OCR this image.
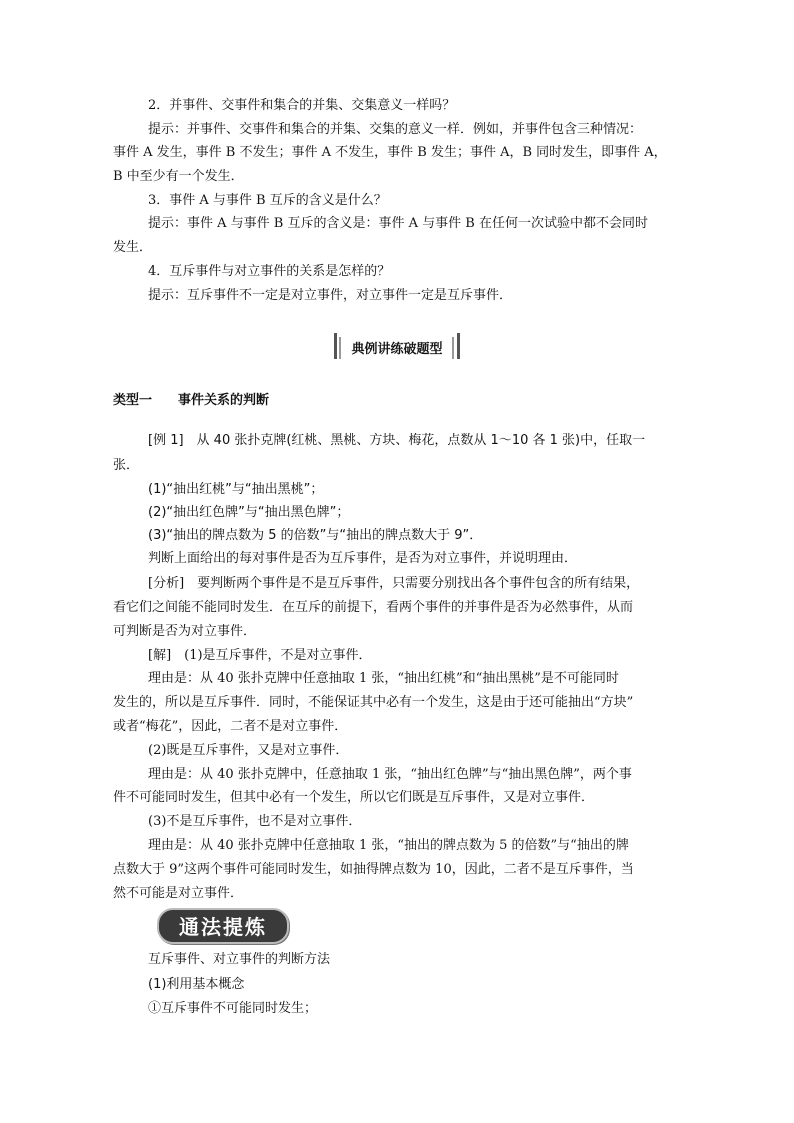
2．并事件、交事件和集合的并集、交集意义一样吗？
提示：并事件、交事件和集合的并集、交集的意义一样．例如，并事件包含三种情况：
事件 A 发生，事件 B 不发生；事件 A 不发生，事件 B 发生；事件 A，B 同时发生，即事件 A，
B 中至少有一个发生．
3．事件 A 与事件 B 互斥的含义是什么？
提示：事件 A 与事件 B 互斥的含义是：事件 A 与事件 B 在任何一次试验中都不会同时
发生．
4．互斥事件与对立事件的关系是怎样的？
提示：互斥事件不一定是对立事件，对立事件一定是互斥事件．
类型一　　事件关系的判断
[例 1]　从 40 张扑克牌(红桃、黑桃、方块、梅花，点数从 1～10 各 1 张)中，任取一
张．
(1)“抽出红桃”与“抽出黑桃”；
(2)“抽出红色牌”与“抽出黑色牌”；
(3)“抽出的牌点数为 5 的倍数”与“抽出的牌点数大于 9”．
判断上面给出的每对事件是否为互斥事件，是否为对立事件，并说明理由．
[分析]　要判断两个事件是不是互斥事件，只需要分别找出各个事件包含的所有结果，
看它们之间能不能同时发生．在互斥的前提下，看两个事件的并事件是否为必然事件，从而
可判断是否为对立事件．
[解]　(1)是互斥事件，不是对立事件．
理由是：从 40 张扑克牌中任意抽取 1 张，“抽出红桃”和“抽出黑桃”是不可能同时
发生的，所以是互斥事件．同时，不能保证其中必有一个发生，这是由于还可能抽出“方块”
或者“梅花”，因此，二者不是对立事件．
(2)既是互斥事件，又是对立事件．
理由是：从 40 张扑克牌中，任意抽取 1 张，“抽出红色牌”与“抽出黑色牌”，两个事
件不可能同时发生，但其中必有一个发生，所以它们既是互斥事件，又是对立事件．
(3)不是互斥事件，也不是对立事件．
理由是：从 40 张扑克牌中任意抽取 1 张，“抽出的牌点数为 5 的倍数”与“抽出的牌
点数大于 9”这两个事件可能同时发生，如抽得牌点数为 10，因此，二者不是互斥事件，当
然不可能是对立事件．
互斥事件、对立事件的判断方法
(1)利用基本概念
①互斥事件不可能同时发生；
典例讲练破题型
通法提炼
